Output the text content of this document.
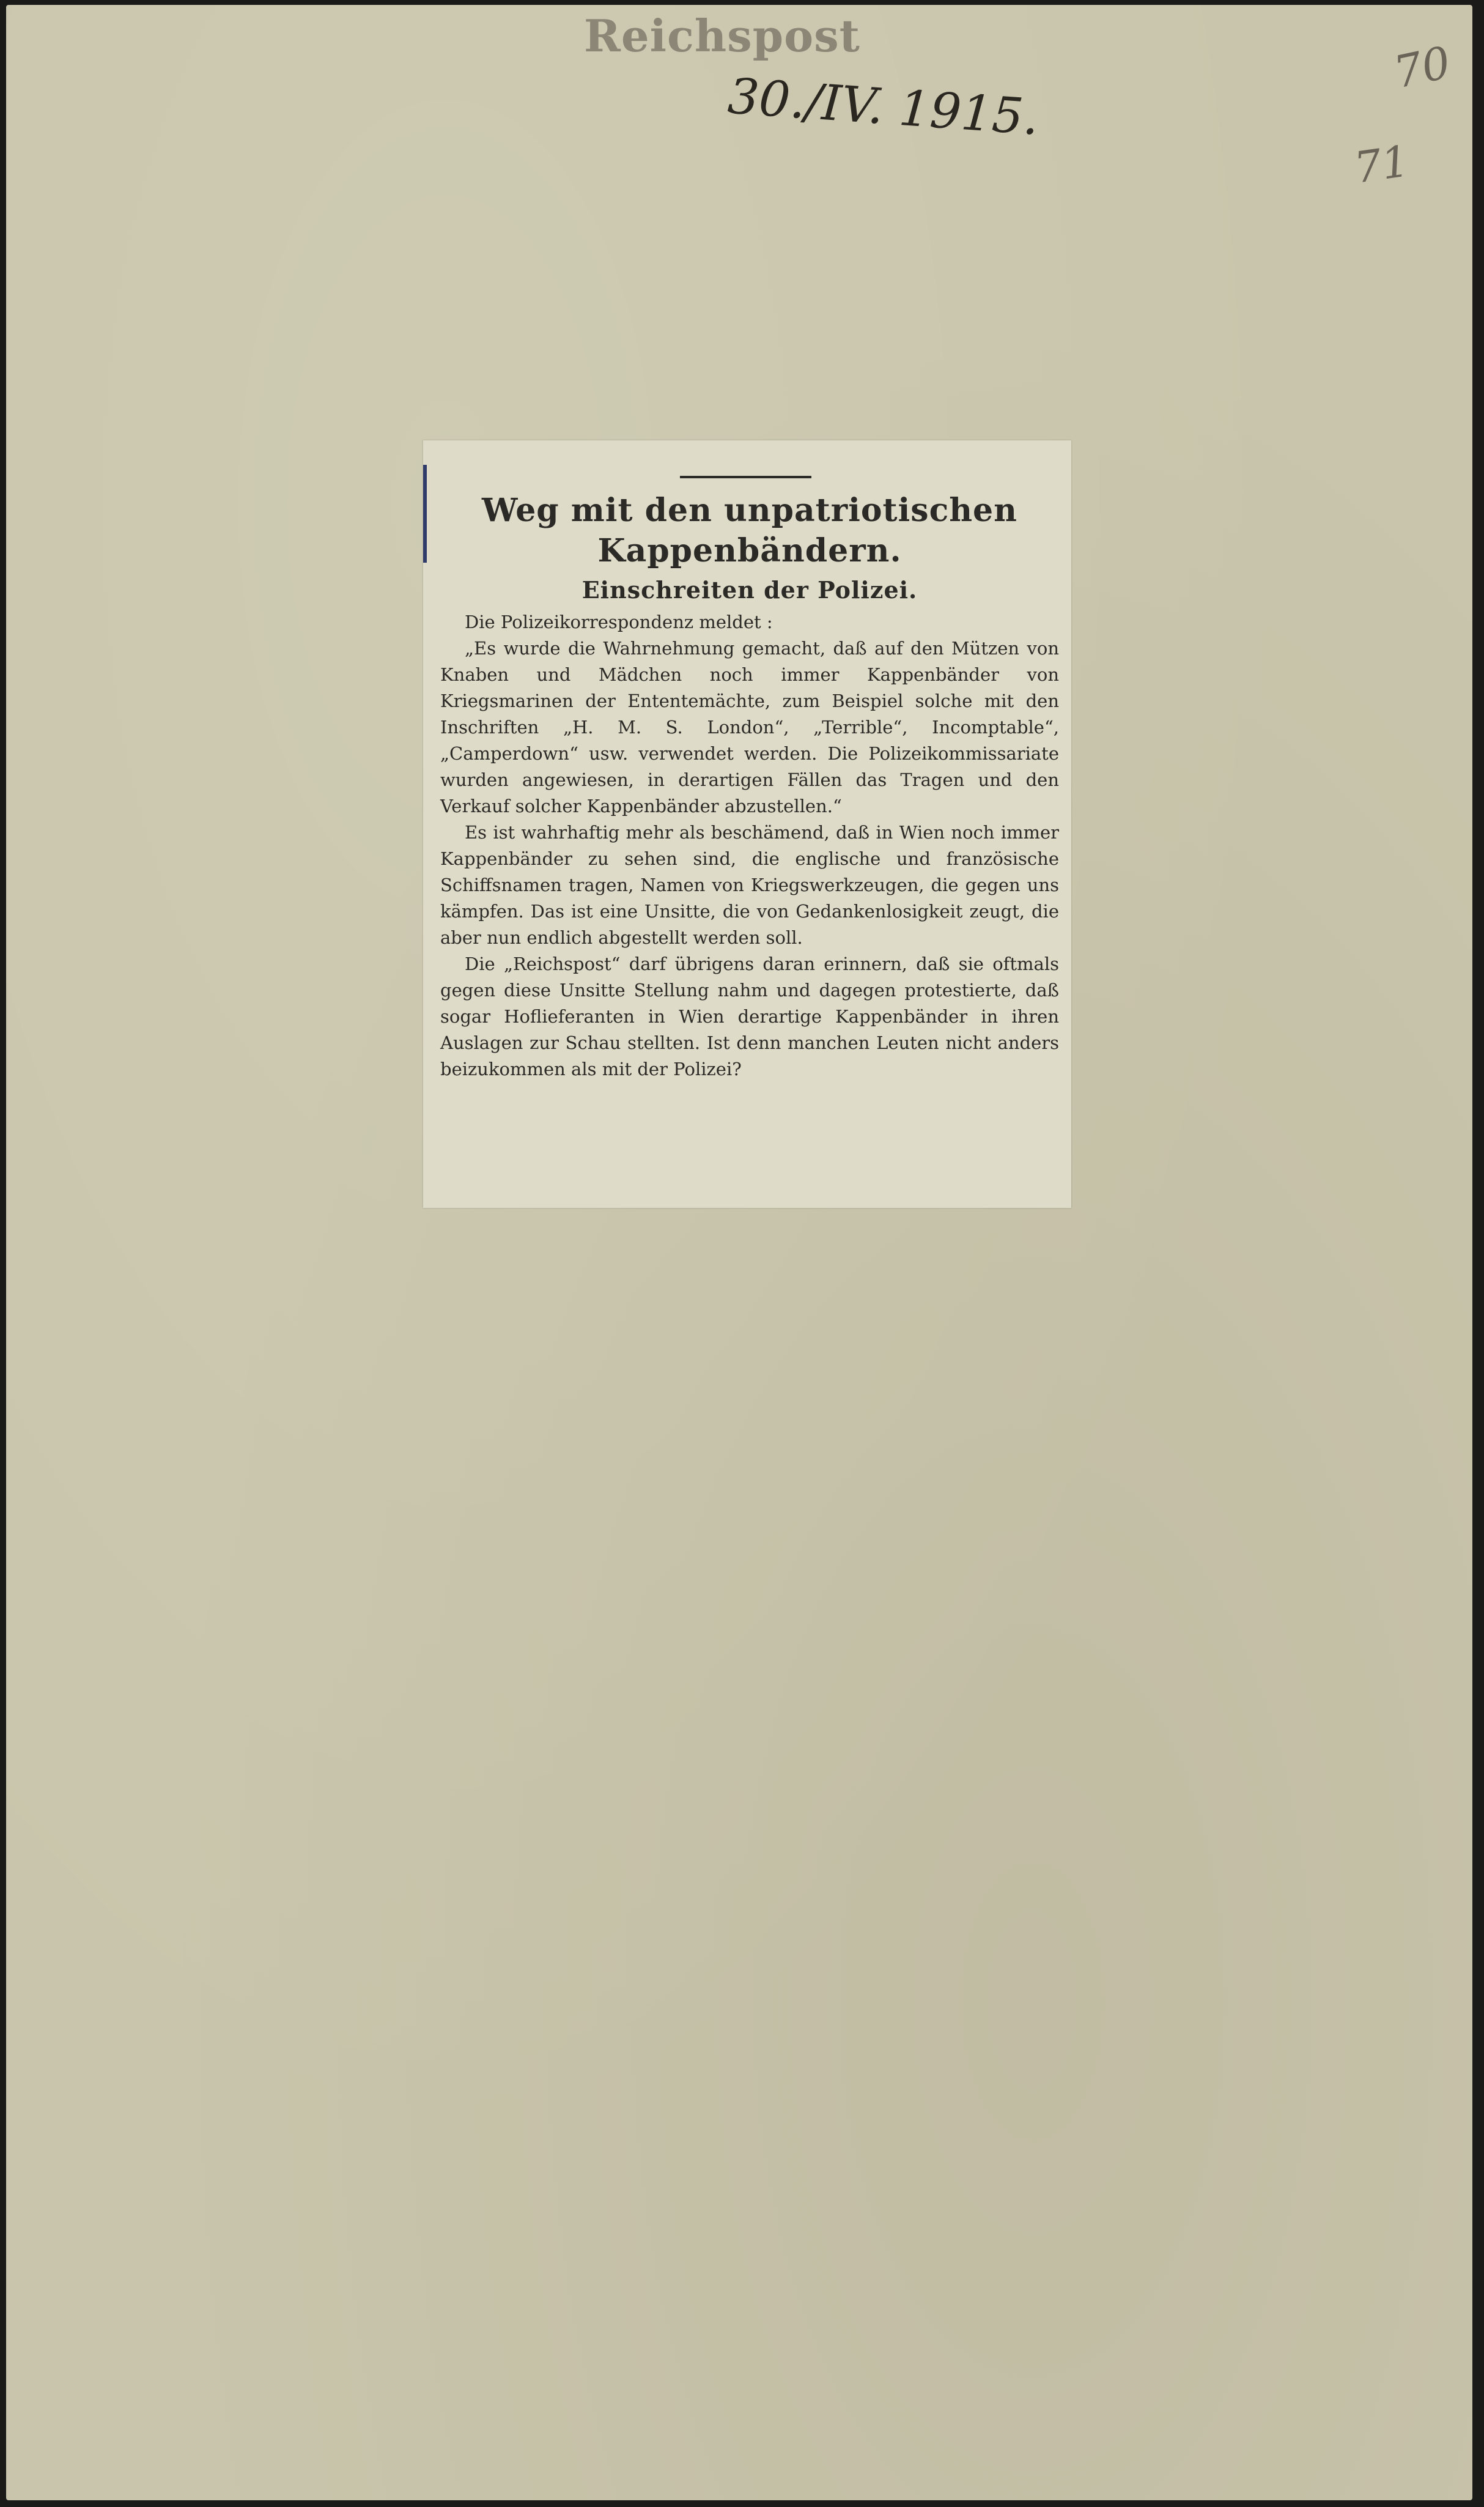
Reichspost
30./IV. 1915.
70
71
Weg mit den unpatriotischen
Kappenbändern.
Einschreiten der Polizei.

Die Polizeikorrespondenz meldet :

„Es wurde die Wahrnehmung gemacht, daß auf den Mützen von Knaben und Mädchen noch immer Kappenbänder von Kriegsmarinen der Ententemächte, zum Beispiel solche mit den Inschriften „H. M. S. London“, „Terrible“, Incomptable“, „Camperdown“ usw. verwendet werden. Die Polizeikommissariate wurden angewiesen, in derartigen Fällen das Tragen und den Verkauf solcher Kappenbänder abzustellen.“

Es ist wahrhaftig mehr als beschämend, daß in Wien noch immer Kappenbänder zu sehen sind, die englische und französische Schiffsnamen tragen, Namen von Kriegswerkzeugen, die gegen uns kämpfen. Das ist eine Unsitte, die von Gedankenlosigkeit zeugt, die aber nun endlich abgestellt werden soll.

Die „Reichspost“ darf übrigens daran erinnern, daß sie oftmals gegen diese Unsitte Stellung nahm und dagegen protestierte, daß sogar Hoflieferanten in Wien derartige Kappenbänder in ihren Auslagen zur Schau stellten. Ist denn manchen Leuten nicht anders beizukommen als mit der Polizei?
